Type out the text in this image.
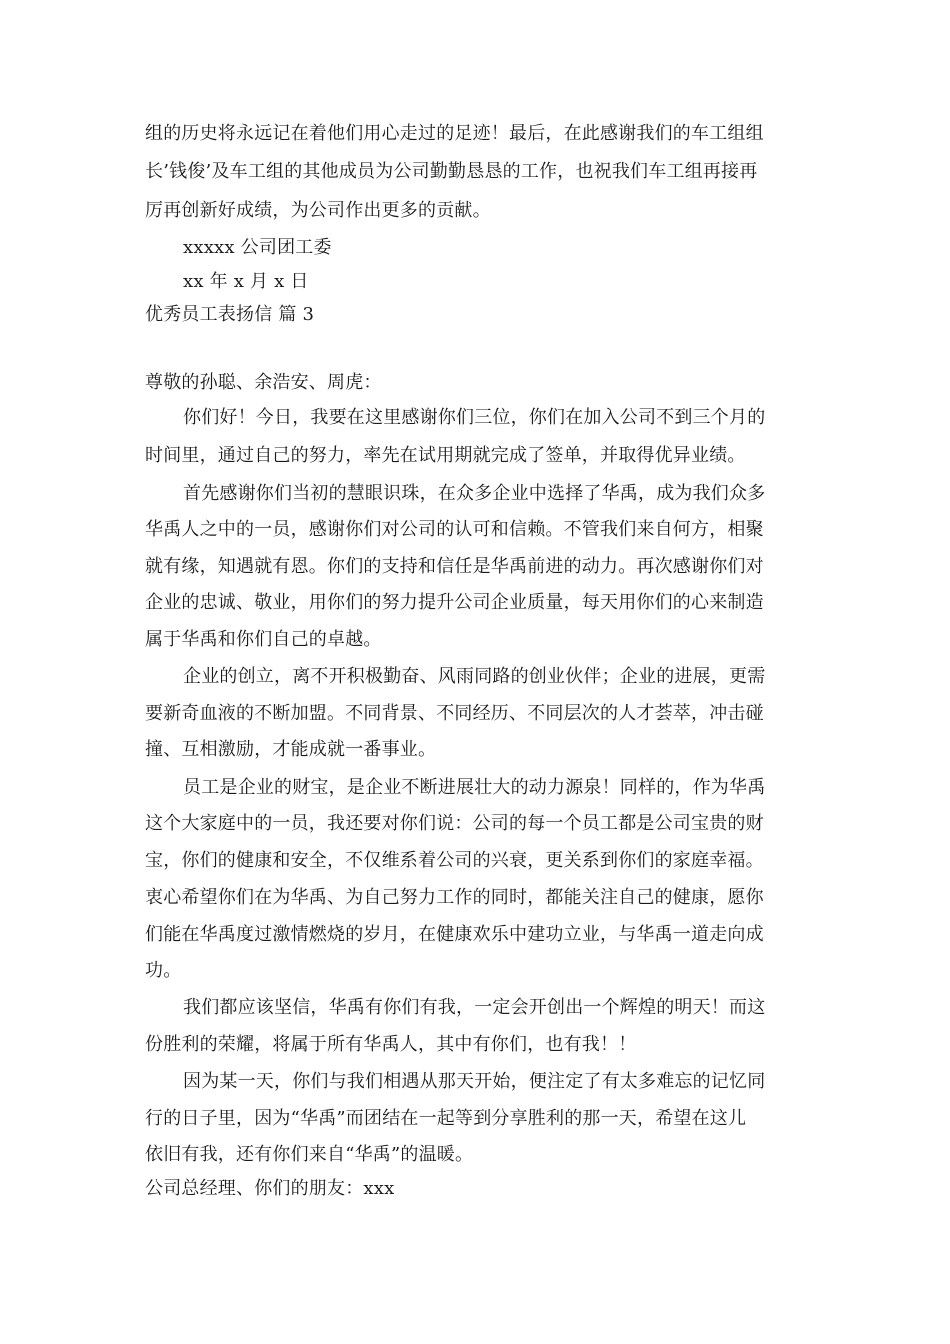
组的历史将永远记在着他们用心走过的足迹！最后，在此感谢我们的车工组组
长’钱俊’及车工组的其他成员为公司勤勤恳恳的工作，也祝我们车工组再接再
厉再创新好成绩，为公司作出更多的贡献。
xxxxx 公司团工委
xx 年 x 月 x 日
优秀员工表扬信 篇 3
尊敬的孙聪、余浩安、周虎：
你们好！今日，我要在这里感谢你们三位，你们在加入公司不到三个月的
时间里，通过自己的努力，率先在试用期就完成了签单，并取得优异业绩。
首先感谢你们当初的慧眼识珠，在众多企业中选择了华禹，成为我们众多
华禹人之中的一员，感谢你们对公司的认可和信赖。不管我们来自何方，相聚
就有缘，知遇就有恩。你们的支持和信任是华禹前进的动力。再次感谢你们对
企业的忠诚、敬业，用你们的努力提升公司企业质量，每天用你们的心来制造
属于华禹和你们自己的卓越。
企业的创立，离不开积极勤奋、风雨同路的创业伙伴；企业的进展，更需
要新奇血液的不断加盟。不同背景、不同经历、不同层次的人才荟萃，冲击碰
撞、互相激励，才能成就一番事业。
员工是企业的财宝，是企业不断进展壮大的动力源泉！同样的，作为华禹
这个大家庭中的一员，我还要对你们说：公司的每一个员工都是公司宝贵的财
宝，你们的健康和安全，不仅维系着公司的兴衰，更关系到你们的家庭幸福。
衷心希望你们在为华禹、为自己努力工作的同时，都能关注自己的健康，愿你
们能在华禹度过激情燃烧的岁月，在健康欢乐中建功立业，与华禹一道走向成
功。
我们都应该坚信，华禹有你们有我，一定会开创出一个辉煌的明天！而这
份胜利的荣耀，将属于所有华禹人，其中有你们，也有我！！
因为某一天，你们与我们相遇从那天开始，便注定了有太多难忘的记忆同
行的日子里，因为“华禹”而团结在一起等到分享胜利的那一天，希望在这儿
依旧有我，还有你们来自“华禹”的温暖。
公司总经理、你们的朋友：xxx
